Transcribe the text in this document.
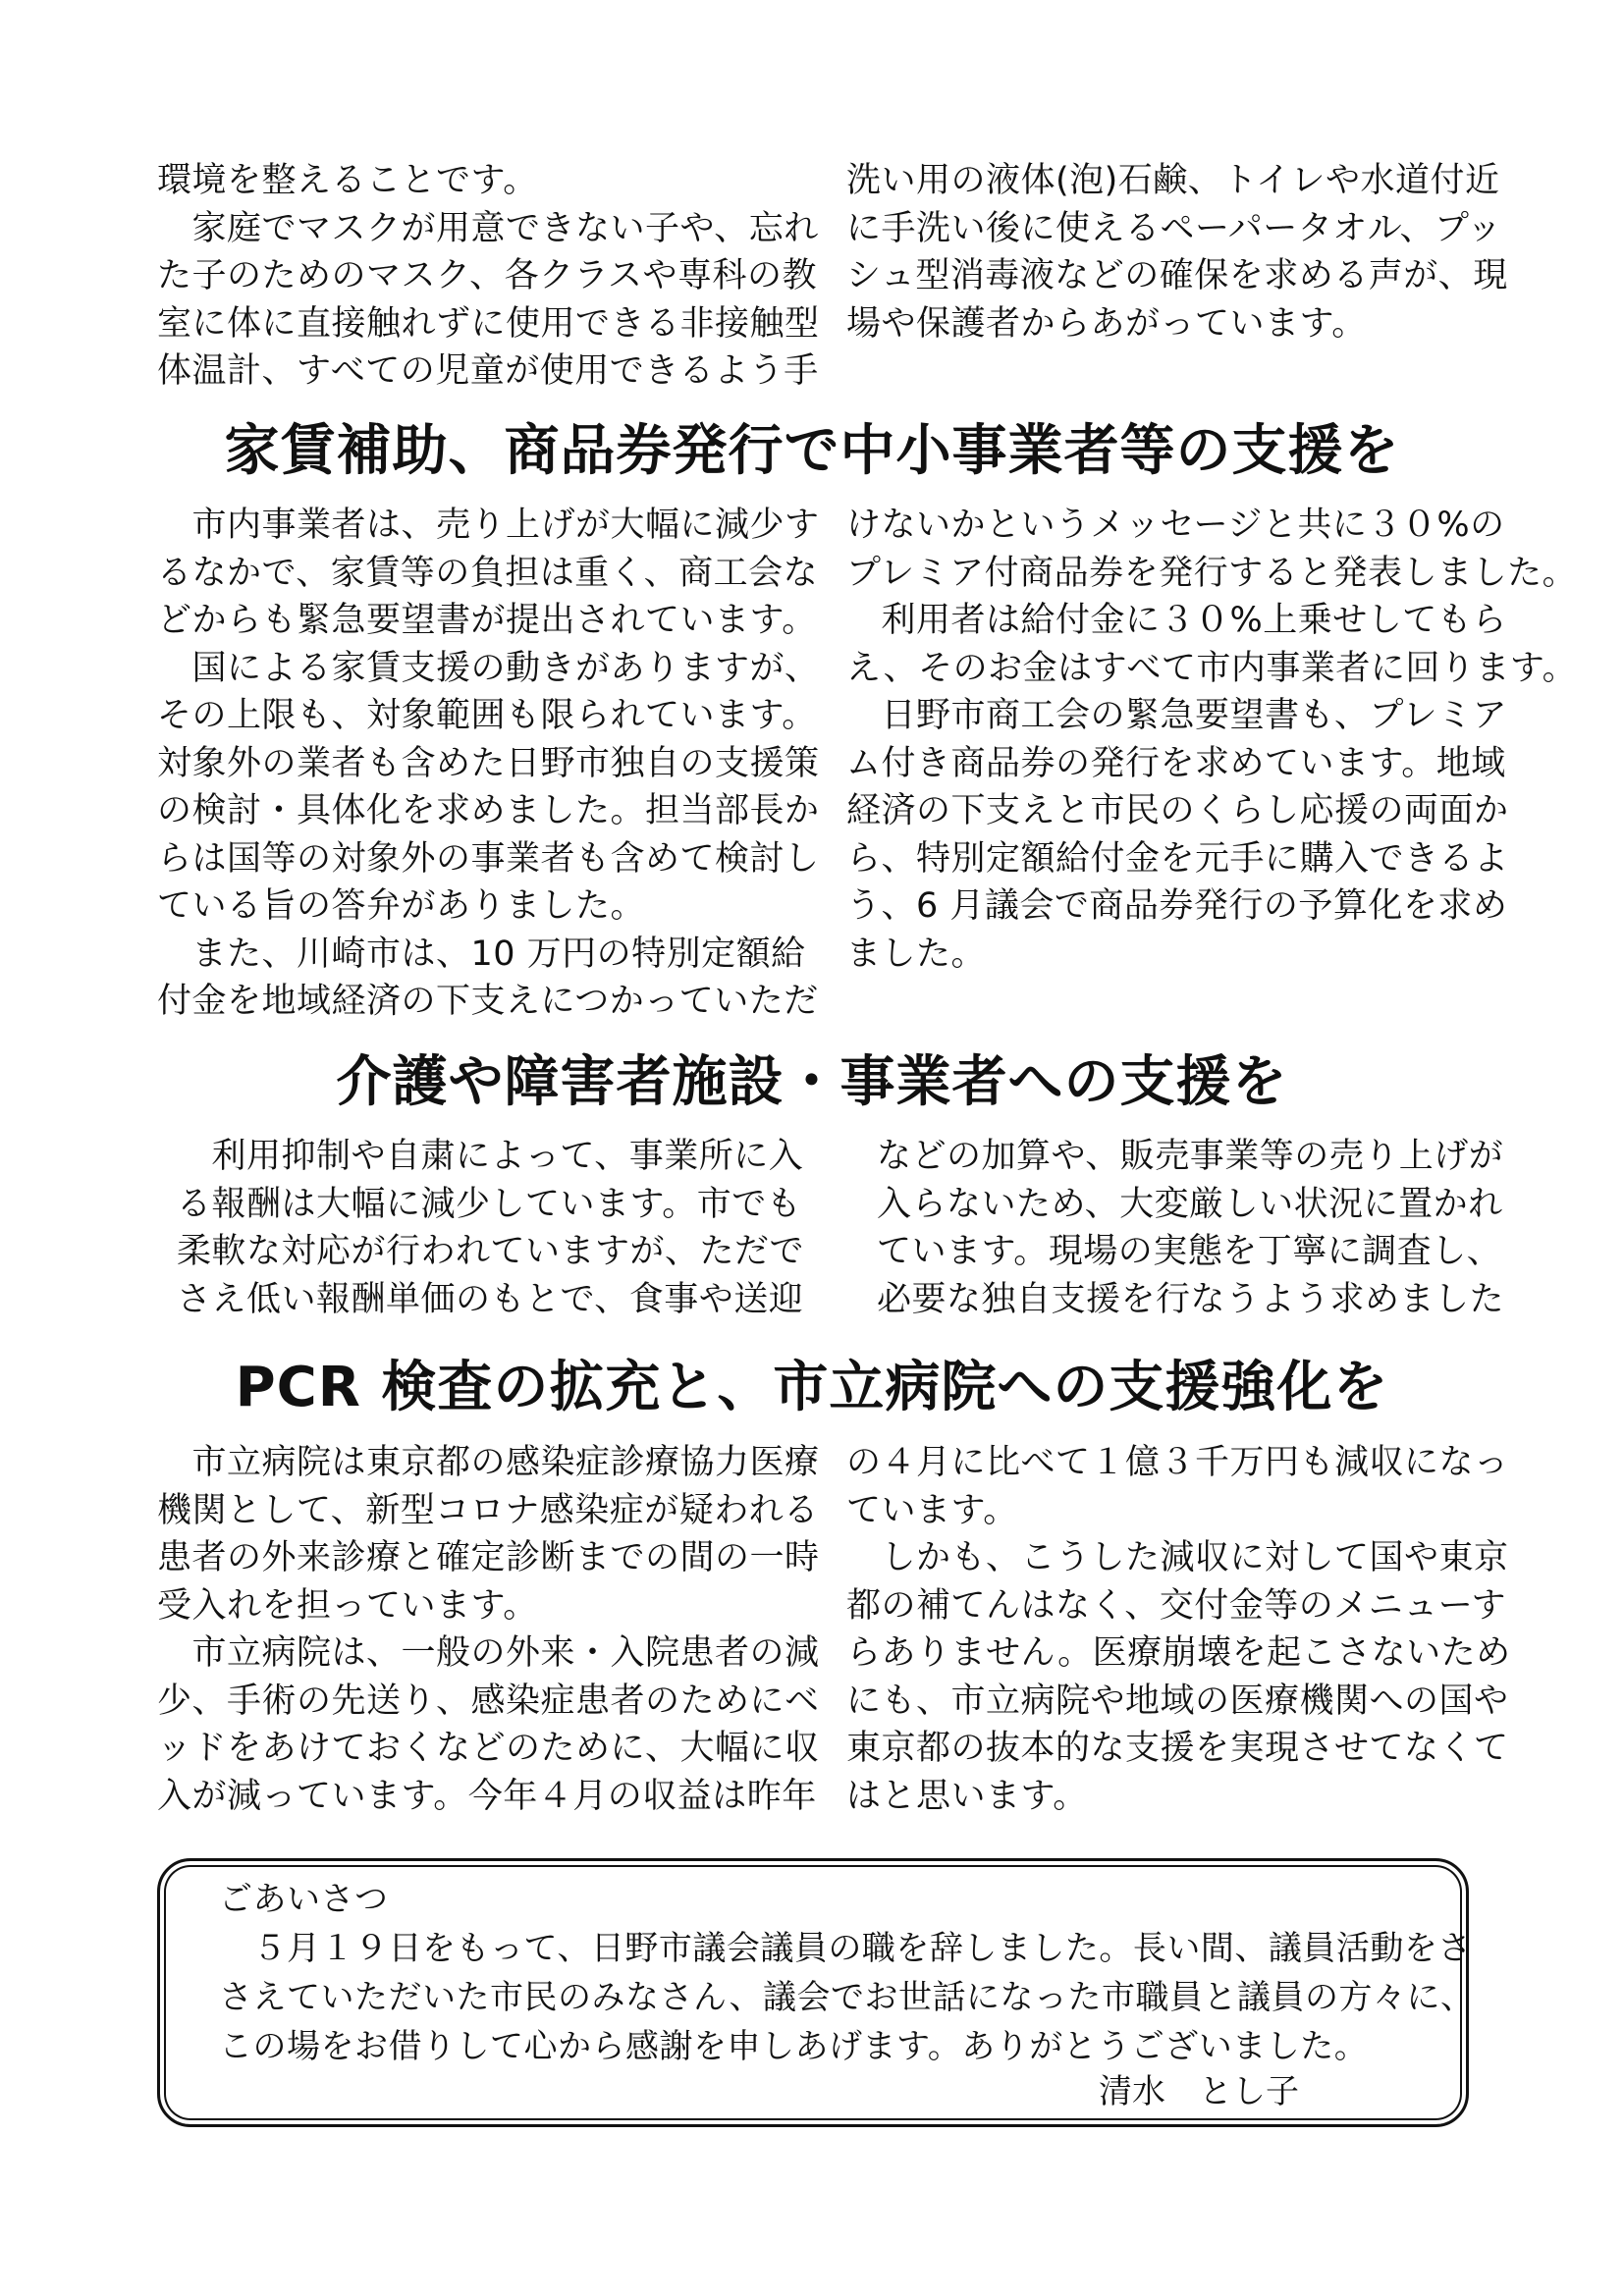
環境を整えることです。
　家庭でマスクが用意できない子や、忘れ
た子のためのマスク、各クラスや専科の教
室に体に直接触れずに使用できる非接触型
体温計、すべての児童が使用できるよう手
洗い用の液体(泡)石鹸、トイレや水道付近
に手洗い後に使えるペーパータオル、プッ
シュ型消毒液などの確保を求める声が、現
場や保護者からあがっています。
家賃補助、商品券発行で中小事業者等の支援を
　市内事業者は、売り上げが大幅に減少す
るなかで、家賃等の負担は重く、商工会な
どからも緊急要望書が提出されています。
　国による家賃支援の動きがありますが、
その上限も、対象範囲も限られています。
対象外の業者も含めた日野市独自の支援策
の検討・具体化を求めました。担当部長か
らは国等の対象外の事業者も含めて検討し
ている旨の答弁がありました。
　また、川崎市は、10 万円の特別定額給
付金を地域経済の下支えにつかっていただ
けないかというメッセージと共に３０%の
プレミア付商品券を発行すると発表しました。
　利用者は給付金に３０%上乗せしてもら
え、そのお金はすべて市内事業者に回ります。
　日野市商工会の緊急要望書も、プレミア
ム付き商品券の発行を求めています。地域
経済の下支えと市民のくらし応援の両面か
ら、特別定額給付金を元手に購入できるよ
う、6 月議会で商品券発行の予算化を求め
ました。
介護や障害者施設・事業者への支援を
　利用抑制や自粛によって、事業所に入
る報酬は大幅に減少しています。市でも
柔軟な対応が行われていますが、ただで
さえ低い報酬単価のもとで、食事や送迎
などの加算や、販売事業等の売り上げが
入らないため、大変厳しい状況に置かれ
ています。現場の実態を丁寧に調査し、
必要な独自支援を行なうよう求めました
PCR 検査の拡充と、市立病院への支援強化を
　市立病院は東京都の感染症診療協力医療
機関として、新型コロナ感染症が疑われる
患者の外来診療と確定診断までの間の一時
受入れを担っています。
　市立病院は、一般の外来・入院患者の減
少、手術の先送り、感染症患者のためにベ
ッドをあけておくなどのために、大幅に収
入が減っています。今年４月の収益は昨年
の４月に比べて１億３千万円も減収になっ
ています。
　しかも、こうした減収に対して国や東京
都の補てんはなく、交付金等のメニューす
らありません。医療崩壊を起こさないため
にも、市立病院や地域の医療機関への国や
東京都の抜本的な支援を実現させてなくて
はと思います。
ごあいさつ
　５月１９日をもって、日野市議会議員の職を辞しました。長い間、議員活動をさ
さえていただいた市民のみなさん、議会でお世話になった市職員と議員の方々に、
この場をお借りして心から感謝を申しあげます。ありがとうございました。
清水　とし子
